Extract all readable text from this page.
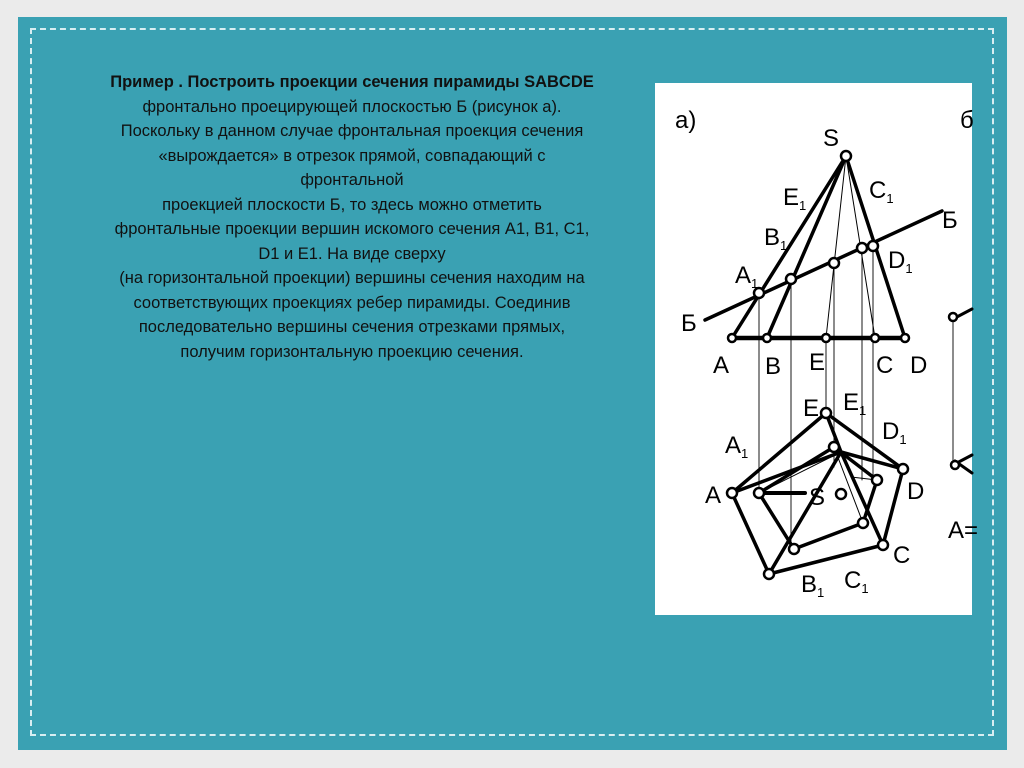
Пример . Построить проекции сечения пирамиды SABCDE
фронтально проецирующей плоскостью Б (рисунок а).
Поскольку в данном случае фронтальная проекция сечения
«вырождается» в отрезок прямой, совпадающий с
фронтальной
проекцией плоскости Б, то здесь можно отметить
фронтальные проекции вершин искомого сечения А1, В1, С1,
D1 и Е1. На виде сверху
(на горизонтальной проекции) вершины сечения находим на
соответствующих проекциях ребер пирамиды. Соединив
последовательно вершины сечения отрезками прямых,
получим горизонтальную проекцию сечения.

а)	б
S
$E_1$
$C_1$
$B_1$
$A_1$
$D_1$
Б
Б
A B E C D
E $E_1$
$D_1$
$A_1$
A	S	D
C
$B_1$ $C_1$
A=
